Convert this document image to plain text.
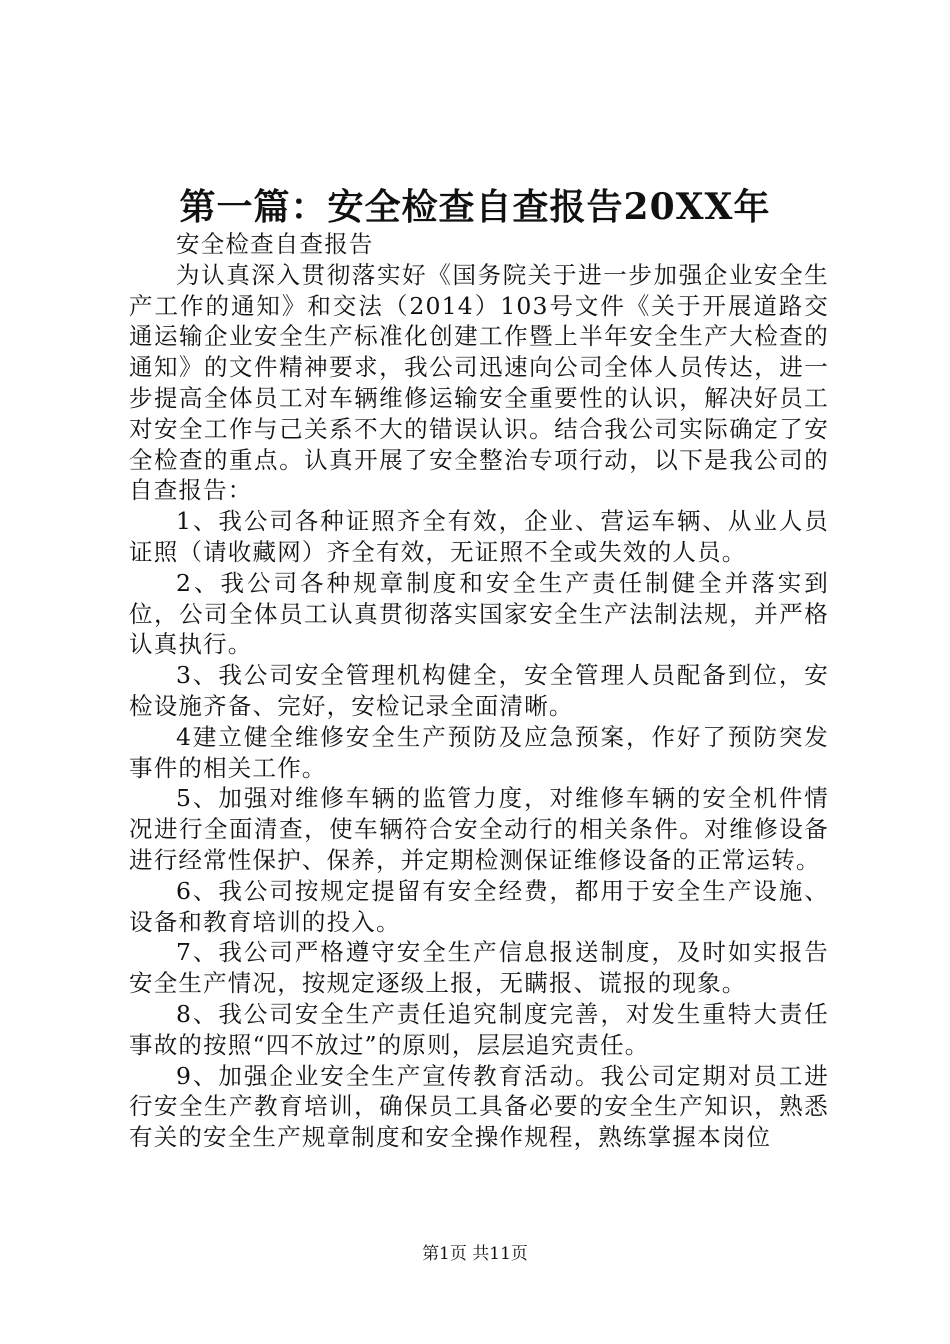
第一篇：安全检查自查报告20XX年

安全检查自查报告

为认真深入贯彻落实好《国务院关于进一步加强企业安全生产工作的通知》和交法（2014）103号文件《关于开展道路交通运输企业安全生产标准化创建工作暨上半年安全生产大检查的通知》的文件精神要求，我公司迅速向公司全体人员传达，进一步提高全体员工对车辆维修运输安全重要性的认识，解决好员工对安全工作与己关系不大的错误认识。结合我公司实际确定了安全检查的重点。认真开展了安全整治专项行动，以下是我公司的自查报告：

1、我公司各种证照齐全有效，企业、营运车辆、从业人员证照（请收藏网）齐全有效，无证照不全或失效的人员。

2、我公司各种规章制度和安全生产责任制健全并落实到位，公司全体员工认真贯彻落实国家安全生产法制法规，并严格认真执行。

3、我公司安全管理机构健全，安全管理人员配备到位，安检设施齐备、完好，安检记录全面清晰。

4建立健全维修安全生产预防及应急预案，作好了预防突发事件的相关工作。

5、加强对维修车辆的监管力度，对维修车辆的安全机件情况进行全面清查，使车辆符合安全动行的相关条件。对维修设备进行经常性保护、保养，并定期检测保证维修设备的正常运转。

6、我公司按规定提留有安全经费，都用于安全生产设施、设备和教育培训的投入。

7、我公司严格遵守安全生产信息报送制度，及时如实报告安全生产情况，按规定逐级上报，无瞒报、谎报的现象。

8、我公司安全生产责任追究制度完善，对发生重特大责任事故的按照“四不放过”的原则，层层追究责任。

9、加强企业安全生产宣传教育活动。我公司定期对员工进行安全生产教育培训，确保员工具备必要的安全生产知识，熟悉有关的安全生产规章制度和安全操作规程，熟练掌握本岗位

第1页 共11页
